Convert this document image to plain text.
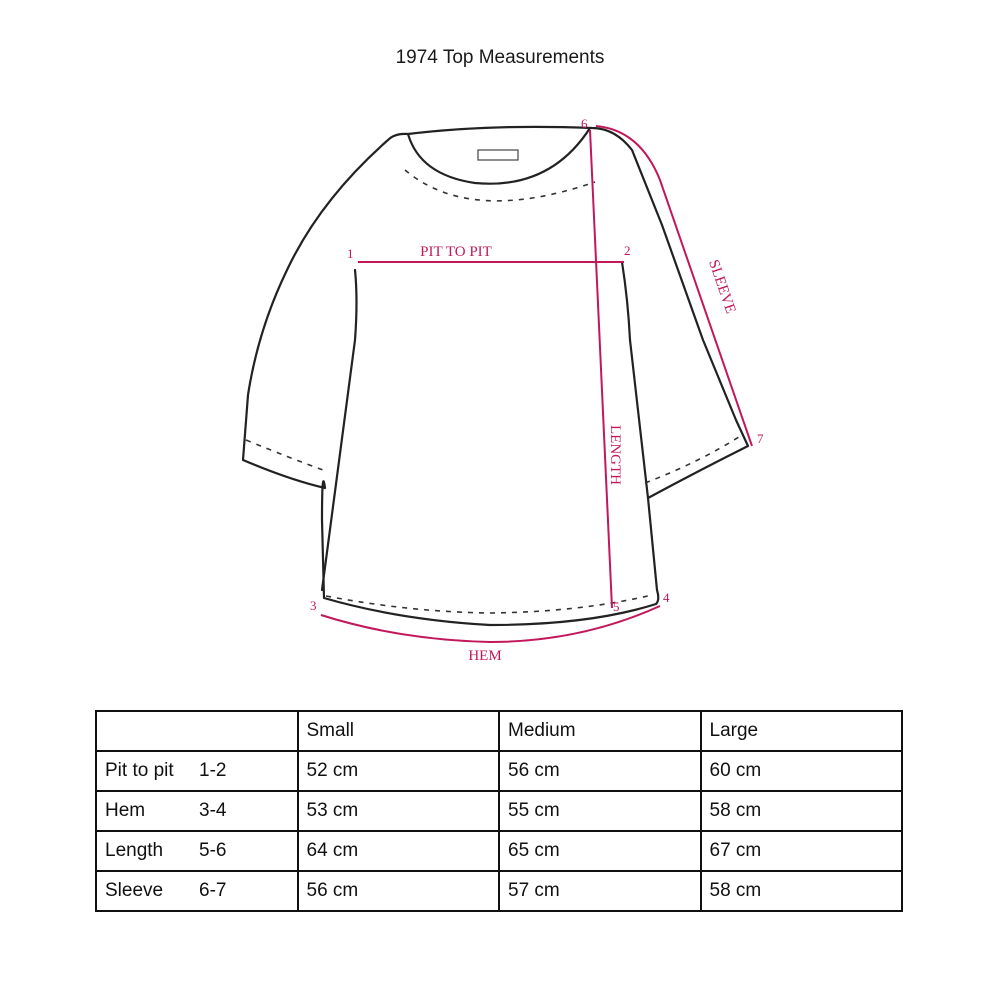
1974 Top Measurements
PIT TO PIT
HEM
LENGTH
SLEEVE
1	2
3
4
5
6
7
	Small	Medium	Large
Pit to pit 1-2	52 cm	56 cm	60 cm
Hem 3-4	53 cm	55 cm	58 cm
Length 5-6	64 cm	65 cm	67 cm
Sleeve 6-7	56 cm	57 cm	58 cm
